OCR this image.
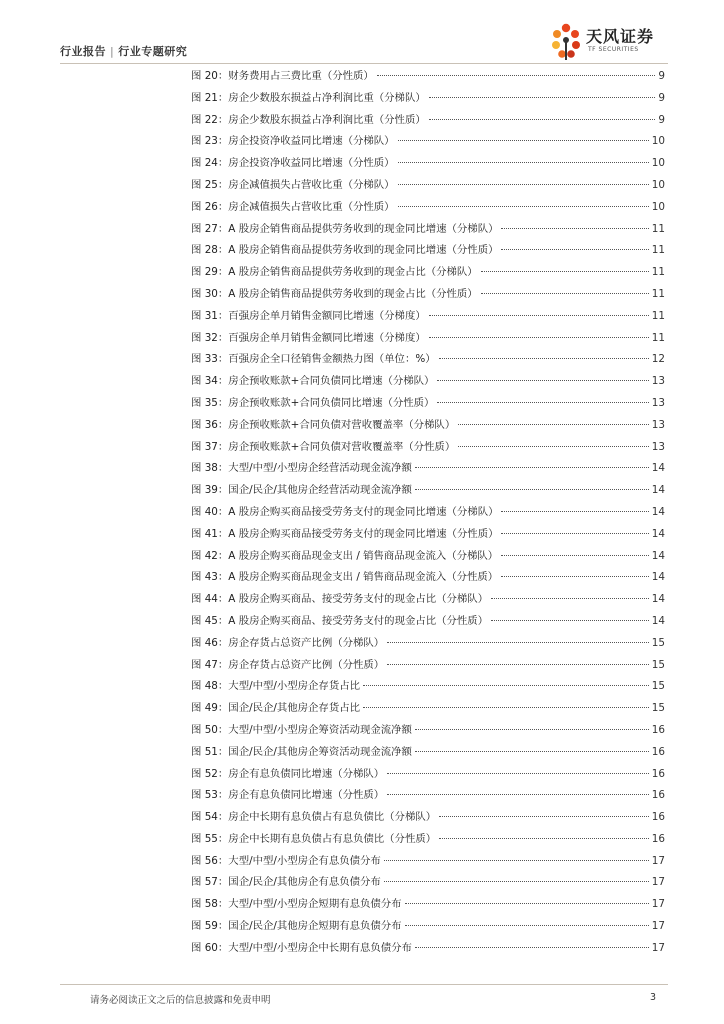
行业报告 | 行业专题研究
天风证券
TF SECURITIES
图 20：财务费用占三费比重（分性质）	9
图 21：房企少数股东损益占净利润比重（分梯队）	9
图 22：房企少数股东损益占净利润比重（分性质）	9
图 23：房企投资净收益同比增速（分梯队）	10
图 24：房企投资净收益同比增速（分性质）	10
图 25：房企减值损失占营收比重（分梯队）	10
图 26：房企减值损失占营收比重（分性质）	10
图 27：A 股房企销售商品提供劳务收到的现金同比增速（分梯队）	11
图 28：A 股房企销售商品提供劳务收到的现金同比增速（分性质）	11
图 29：A 股房企销售商品提供劳务收到的现金占比（分梯队）	11
图 30：A 股房企销售商品提供劳务收到的现金占比（分性质）	11
图 31：百强房企单月销售金额同比增速（分梯度）	11
图 32：百强房企单月销售金额同比增速（分梯度）	11
图 33：百强房企全口径销售金额热力图（单位：%）	12
图 34：房企预收账款+合同负债同比增速（分梯队）	13
图 35：房企预收账款+合同负债同比增速（分性质）	13
图 36：房企预收账款+合同负债对营收覆盖率（分梯队）	13
图 37：房企预收账款+合同负债对营收覆盖率（分性质）	13
图 38：大型/中型/小型房企经营活动现金流净额	14
图 39：国企/民企/其他房企经营活动现金流净额	14
图 40：A 股房企购买商品接受劳务支付的现金同比增速（分梯队）	14
图 41：A 股房企购买商品接受劳务支付的现金同比增速（分性质）	14
图 42：A 股房企购买商品现金支出 / 销售商品现金流入（分梯队）	14
图 43：A 股房企购买商品现金支出 / 销售商品现金流入（分性质）	14
图 44：A 股房企购买商品、接受劳务支付的现金占比（分梯队）	14
图 45：A 股房企购买商品、接受劳务支付的现金占比（分性质）	14
图 46：房企存货占总资产比例（分梯队）	15
图 47：房企存货占总资产比例（分性质）	15
图 48：大型/中型/小型房企存货占比	15
图 49：国企/民企/其他房企存货占比	15
图 50：大型/中型/小型房企筹资活动现金流净额	16
图 51：国企/民企/其他房企筹资活动现金流净额	16
图 52：房企有息负债同比增速（分梯队）	16
图 53：房企有息负债同比增速（分性质）	16
图 54：房企中长期有息负债占有息负债比（分梯队）	16
图 55：房企中长期有息负债占有息负债比（分性质）	16
图 56：大型/中型/小型房企有息负债分布	17
图 57：国企/民企/其他房企有息负债分布	17
图 58：大型/中型/小型房企短期有息负债分布	17
图 59：国企/民企/其他房企短期有息负债分布	17
图 60：大型/中型/小型房企中长期有息负债分布	17
请务必阅读正文之后的信息披露和免责申明	3
